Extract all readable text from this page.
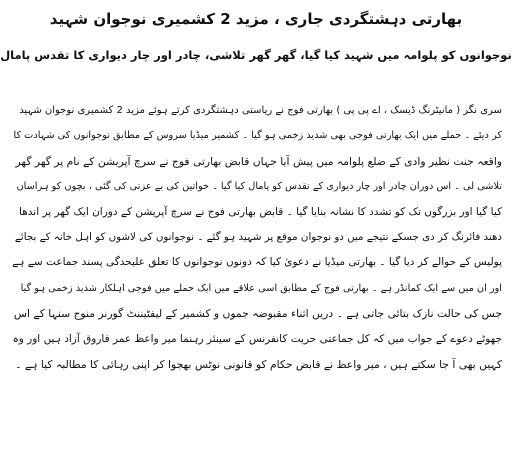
بھارتی دہشتگردی جاری ، مزید 2 کشمیری نوجوان شہید
نوجوانوں کو پلوامہ میں شہید کیا گیا، گھر گھر تلاشی، چادر اور چار دیواری کا تقدس پامال
سری نگر ( مانیٹرنگ ڈیسک ، اے پی پی ) بھارتی فوج نے ریاستی دہشتگردی کرتے ہوئے مزید 2 کشمیری نوجوان شہید
کر دیئے ۔ حملے میں ایک بھارتی فوجی بھی شدید زخمی ہو گیا ۔ کشمیر میڈیا سروس کے مطابق نوجوانوں کی شہادت کا
واقعہ جنت نظیر وادی کے ضلع پلوامہ میں پیش آیا جہاں قابض بھارتی فوج نے سرچ آپریشن کے نام پر گھر گھر
تلاشی لی ۔ اس دوران چادر اور چار دیواری کے تقدس کو پامال کیا گیا ۔ خواتین کی بے عزتی کی گئی ، بچوں کو ہراساں
کیا گیا اور بزرگوں تک کو تشدد کا نشانہ بنایا گیا ۔ قابض بھارتی فوج نے سرچ آپریشن کے دوران ایک گھر پر اندھا
دھند فائرنگ کر دی جسکے نتیجے میں دو نوجوان موقع پر شہید ہو گئے ۔ نوجوانوں کی لاشوں کو اہل خانہ کے بجائے
پولیس کے حوالے کر دیا گیا ۔ بھارتی میڈیا نے دعویٰ کیا کہ دونوں نوجوانوں کا تعلق علیحدگی پسند جماعت سے ہے
اور ان میں سے ایک کمانڈر ہے ۔ بھارتی فوج کے مطابق اسی علاقے میں ایک حملے میں فوجی اہلکار شدید زخمی ہو گیا
جس کی حالت نازک بتائی جاتی ہے ۔ دریں اثناء مقبوضہ جموں و کشمیر کے لیفٹیننٹ گورنر منوج سنہا کے اس
جھوٹے دعوے کے جواب میں کہ کل جماعتی حریت کانفرنس کے سینئر رہنما میر واعظ عمر فاروق آزاد ہیں اور وہ
کہیں بھی آ جا سکتے ہیں ، میر واعظ نے قابض حکام کو قانونی نوٹس بھجوا کر اپنی رہائی کا مطالبہ کیا ہے ۔
